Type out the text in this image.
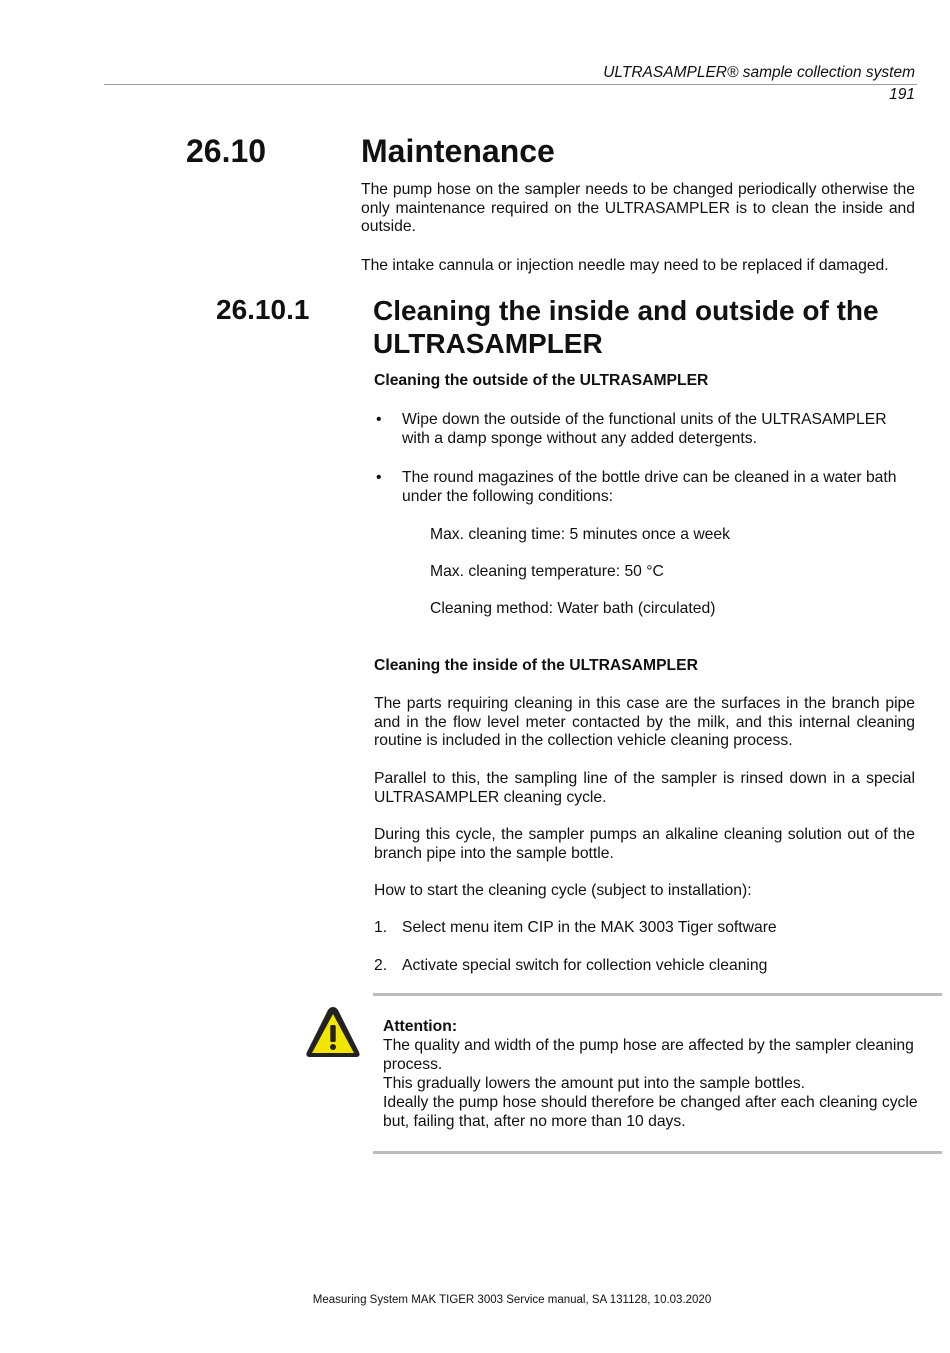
ULTRASAMPLER® sample collection system
191
26.10	Maintenance
The pump hose on the sampler needs to be changed periodically otherwise the only maintenance required on the ULTRASAMPLER is to clean the inside and outside.
The intake cannula or injection needle may need to be replaced if damaged.
26.10.1 Cleaning the inside and outside of the ULTRASAMPLER
Cleaning the outside of the ULTRASAMPLER
• Wipe down the outside of the functional units of the ULTRASAMPLER with a damp sponge without any added detergents.
• The round magazines of the bottle drive can be cleaned in a water bath under the following conditions:
Max. cleaning time: 5 minutes once a week
Max. cleaning temperature: 50 °C
Cleaning method: Water bath (circulated)
Cleaning the inside of the ULTRASAMPLER
The parts requiring cleaning in this case are the surfaces in the branch pipe and in the flow level meter contacted by the milk, and this internal cleaning routine is included in the collection vehicle cleaning process.
Parallel to this, the sampling line of the sampler is rinsed down in a special ULTRASAMPLER cleaning cycle.
During this cycle, the sampler pumps an alkaline cleaning solution out of the branch pipe into the sample bottle.
How to start the cleaning cycle (subject to installation):
1. Select menu item CIP in the MAK 3003 Tiger software
2. Activate special switch for collection vehicle cleaning
Attention:
The quality and width of the pump hose are affected by the sampler cleaning
process.
This gradually lowers the amount put into the sample bottles.
Ideally the pump hose should therefore be changed after each cleaning cycle
but, failing that, after no more than 10 days.
Measuring System MAK TIGER 3003 Service manual, SA 131128, 10.03.2020
